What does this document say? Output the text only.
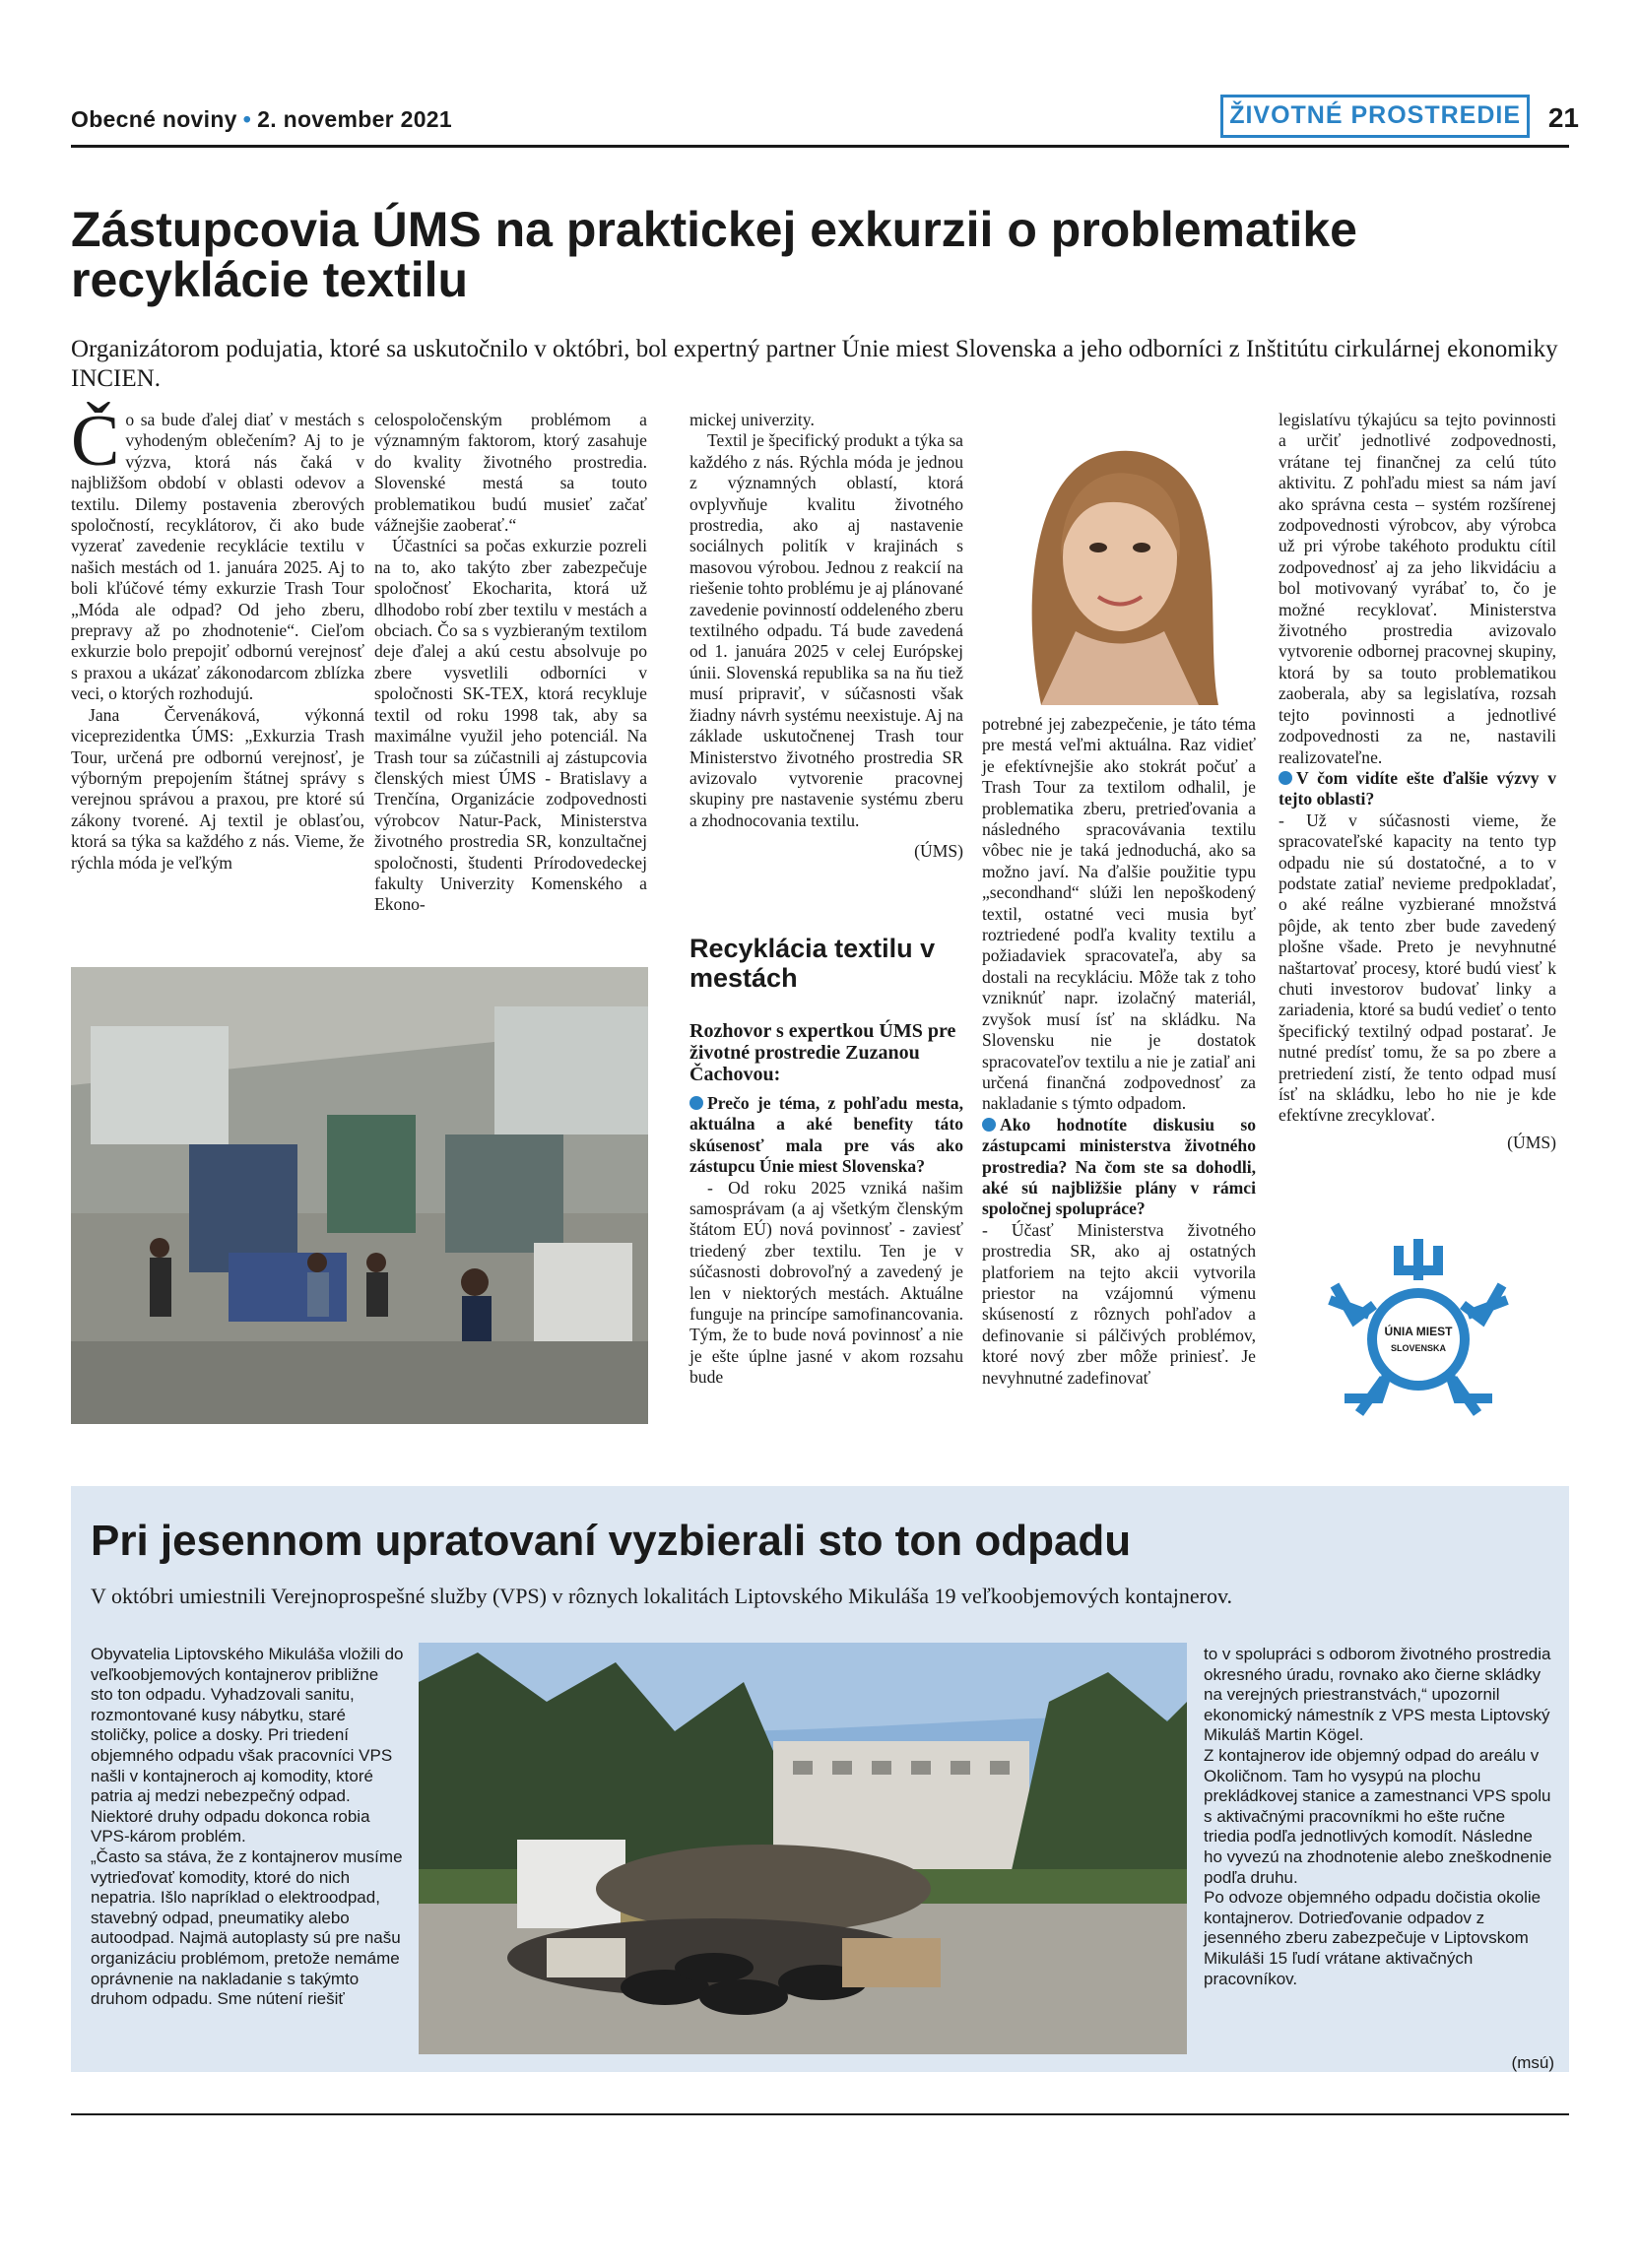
Obecné noviny • 2. november 2021	ŽIVOTNÉ PROSTREDIE 21
Zástupcovia ÚMS na praktickej exkurzii o problematike recyklácie textilu
Organizátorom podujatia, ktoré sa uskutočnilo v októbri, bol expertný partner Únie miest Slovenska a jeho odborníci z Inštitútu cirkulárnej ekonomiky INCIEN.

Čo sa bude ďalej diať v mestách s vyhodeným oblečením? Aj to je výzva, ktorá nás čaká v najbližšom období v oblasti odevov a textilu. Dilemy postavenia zberových spoločností, recyklátorov, či ako bude vyzerať zavedenie recyklácie textilu v našich mestách od 1. januára 2025. Aj to boli kľúčové témy exkurzie Trash Tour „Móda ale odpad? Od jeho zberu, prepravy až po zhodnotenie“. Cieľom exkurzie bolo prepojiť odbornú verejnosť s praxou a ukázať zákonodarcom zblízka veci, o ktorých rozhodujú.

Jana Červenáková, výkonná viceprezidentka ÚMS: „Exkurzia Trash Tour, určená pre odbornú verejnosť, je výborným prepojením štátnej správy s verejnou správou a praxou, pre ktoré sú zákony tvorené. Aj textil je oblasťou, ktorá sa týka sa každého z nás. Vieme, že rýchla móda je veľkým

celospoločenským problémom a významným faktorom, ktorý zasahuje do kvality životného prostredia. Slovenské mestá sa touto problematikou budú musieť začať vážnejšie zaoberať.“

Účastníci sa počas exkurzie pozreli na to, ako takýto zber zabezpečuje spoločnosť Ekocharita, ktorá už dlhodobo robí zber textilu v mestách a obciach. Čo sa s vyzbieraným textilom deje ďalej a akú cestu absolvuje po zbere vysvetlili odborníci v spoločnosti SK-TEX, ktorá recykluje textil od roku 1998 tak, aby sa maximálne využil jeho potenciál. Na Trash tour sa zúčastnili aj zástupcovia členských miest ÚMS - Bratislavy a Trenčína, Organizácie zodpovednosti výrobcov Natur-Pack, Ministerstva životného prostredia SR, konzultačnej spoločnosti, študenti Prírodovedeckej fakulty Univerzity Komenského a Ekono-

mickej univerzity.

Textil je špecifický produkt a týka sa každého z nás. Rýchla móda je jednou z významných oblastí, ktorá ovplyvňuje kvalitu životného prostredia, ako aj nastavenie sociálnych politík v krajinách s masovou výrobou. Jednou z reakcií na riešenie tohto problému je aj plánované zavedenie povinností oddeleného zberu textilného odpadu. Tá bude zavedená od 1. januára 2025 v celej Európskej únii. Slovenská republika sa na ňu tiež musí pripraviť, v súčasnosti však žiadny návrh systému neexistuje. Aj na základe uskutočnenej Trash tour Ministerstvo životného prostredia SR avizovalo vytvorenie pracovnej skupiny pre nastavenie systému zberu a zhodnocovania textilu.

(ÚMS)

Recyklácia textilu v mestách
Rozhovor s expertkou ÚMS pre životné prostredie Zuzanou Čachovou:

Prečo je téma, z pohľadu mesta, aktuálna a aké benefity táto skúsenosť mala pre vás ako zástupcu Únie miest Slovenska?

- Od roku 2025 vzniká našim samosprávam (a aj všetkým členským štátom EÚ) nová povinnosť - zaviesť triedený zber textilu. Ten je v súčasnosti dobrovoľný a zavedený je len v niektorých mestách. Aktuálne funguje na princípe samofinancovania. Tým, že to bude nová povinnosť a nie je ešte úplne jasné v akom rozsahu bude

potrebné jej zabezpečenie, je táto téma pre mestá veľmi aktuálna. Raz vidieť je efektívnejšie ako stokrát počuť a Trash Tour za textilom odhalil, je problematika zberu, pretrieďovania a následného spracovávania textilu vôbec nie je taká jednoduchá, ako sa možno javí. Na ďalšie použitie typu „secondhand“ slúži len nepoškodený textil, ostatné veci musia byť roztriedené podľa kvality textilu a požiadaviek spracovateľa, aby sa dostali na recykláciu. Môže tak z toho vzniknúť napr. izolačný materiál, zvyšok musí ísť na skládku. Na Slovensku nie je dostatok spracovateľov textilu a nie je zatiaľ ani určená finančná zodpovednosť za nakladanie s týmto odpadom.

Ako hodnotíte diskusiu so zástupcami ministerstva životného prostredia? Na čom ste sa dohodli, aké sú najbližšie plány v rámci spoločnej spolupráce?

- Účasť Ministerstva životného prostredia SR, ako aj ostatných platforiem na tejto akcii vytvorila priestor na vzájomnú výmenu skúseností z rôznych pohľadov a definovanie si pálčivých problémov, ktoré nový zber môže priniesť. Je nevyhnutné zadefinovať

legislatívu týkajúcu sa tejto povinnosti a určiť jednotlivé zodpovednosti, vrátane tej finančnej za celú túto aktivitu. Z pohľadu miest sa nám javí ako správna cesta – systém rozšírenej zodpovednosti výrobcov, aby výrobca už pri výrobe takéhoto produktu cítil zodpovednosť aj za jeho likvidáciu a bol motivovaný vyrábať to, čo je možné recyklovať. Ministerstva životného prostredia avizovalo vytvorenie odbornej pracovnej skupiny, ktorá by sa touto problematikou zaoberala, aby sa legislatíva, rozsah tejto povinnosti a jednotlivé zodpovednosti za ne, nastavili realizovateľne.

V čom vidíte ešte ďalšie výzvy v tejto oblasti?

- Už v súčasnosti vieme, že spracovateľské kapacity na tento typ odpadu nie sú dostatočné, a to v podstate zatiaľ nevieme predpokladať, o aké reálne vyzbierané množstvá pôjde, ak tento zber bude zavedený plošne všade. Preto je nevyhnutné naštartovať procesy, ktoré budú viesť k chuti investorov budovať linky a zariadenia, ktoré sa budú vedieť o tento špecifický textilný odpad postarať. Je nutné predísť tomu, že sa po zbere a pretriedení zistí, že tento odpad musí ísť na skládku, lebo ho nie je kde efektívne zrecyklovať.

(ÚMS)

ÚNIA MIEST
SLOVENSKA
Pri jesennom upratovaní vyzbierali sto ton odpadu
V októbri umiestnili Verejnoprospešné služby (VPS) v rôznych lokalitách Liptovského Mikuláša 19 veľkoobjemových kontajnerov.
Obyvatelia Liptovského Mikuláša vložili do veľkoobjemových kontajnerov približne sto ton odpadu. Vyhadzovali sanitu, rozmontované kusy nábytku, staré stoličky, police a dosky. Pri triedení objemného odpadu však pracovníci VPS našli v kontajneroch aj komodity, ktoré patria aj medzi nebezpečný odpad. Niektoré druhy odpadu dokonca robia VPS-károm problém.
„Často sa stáva, že z kontajnerov musíme vytrieďovať komodity, ktoré do nich nepatria. Išlo napríklad o elektroodpad, stavebný odpad, pneumatiky alebo autoodpad. Najmä autoplasty sú pre našu organizáciu problémom, pretože nemáme oprávnenie na nakladanie s takýmto druhom odpadu. Sme nútení riešiť
to v spolupráci s odborom životného prostredia okresného úradu, rovnako ako čierne skládky na verejných priestranstvách,“ upozornil ekonomický námestník z VPS mesta Liptovský Mikuláš Martin Kögel.
Z kontajnerov ide objemný odpad do areálu v Okoličnom. Tam ho vysypú na plochu prekládkovej stanice a zamestnanci VPS spolu s aktivačnými pracovníkmi ho ešte ručne triedia podľa jednotlivých komodít. Následne ho vyvezú na zhodnotenie alebo zneškodnenie podľa druhu.
Po odvoze objemného odpadu dočistia okolie kontajnerov. Dotrieďovanie odpadov z jesenného zberu zabezpečuje v Liptovskom Mikuláši 15 ľudí vrátane aktivačných pracovníkov.
(msú)
